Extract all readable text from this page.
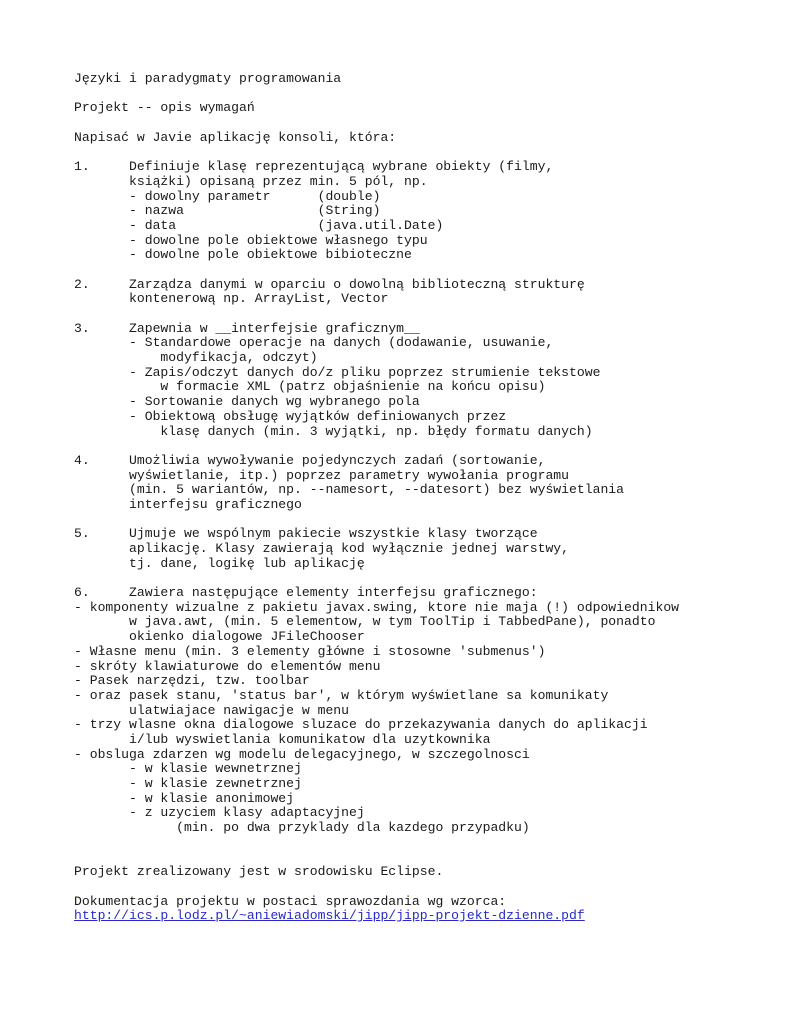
Języki i paradygmaty programowania
Projekt -- opis wymagań
Napisać w Javie aplikację konsoli, która:
1.     Definiuje klasę reprezentującą wybrane obiekty (filmy,
książki) opisaną przez min. 5 pól, np.
- dowolny parametr      (double)
- nazwa                 (String)
- data                  (java.util.Date)
- dowolne pole obiektowe własnego typu
- dowolne pole obiektowe bibioteczne
2.     Zarządza danymi w oparciu o dowolną biblioteczną strukturę
kontenerową np. ArrayList, Vector
3.     Zapewnia w __interfejsie graficznym__
- Standardowe operacje na danych (dodawanie, usuwanie,
modyfikacja, odczyt)
- Zapis/odczyt danych do/z pliku poprzez strumienie tekstowe
w formacie XML (patrz objaśnienie na końcu opisu)
- Sortowanie danych wg wybranego pola
- Obiektową obsługę wyjątków definiowanych przez
klasę danych (min. 3 wyjątki, np. błędy formatu danych)
4.     Umożliwia wywoływanie pojedynczych zadań (sortowanie,
wyświetlanie, itp.) poprzez parametry wywołania programu
(min. 5 wariantów, np. --namesort, --datesort) bez wyświetlania
interfejsu graficznego
5.     Ujmuje we wspólnym pakiecie wszystkie klasy tworzące
aplikację. Klasy zawierają kod wyłącznie jednej warstwy,
tj. dane, logikę lub aplikację
6.     Zawiera następujące elementy interfejsu graficznego:
- komponenty wizualne z pakietu javax.swing, ktore nie maja (!) odpowiednikow
w java.awt, (min. 5 elementow, w tym ToolTip i TabbedPane), ponadto
okienko dialogowe JFileChooser
- Własne menu (min. 3 elementy główne i stosowne 'submenus')
- skróty klawiaturowe do elementów menu
- Pasek narzędzi, tzw. toolbar
- oraz pasek stanu, 'status bar', w którym wyświetlane sa komunikaty
ulatwiajace nawigacje w menu
- trzy wlasne okna dialogowe sluzace do przekazywania danych do aplikacji
i/lub wyswietlania komunikatow dla uzytkownika
- obsluga zdarzen wg modelu delegacyjnego, w szczegolnosci
- w klasie wewnetrznej
- w klasie zewnetrznej
- w klasie anonimowej
- z uzyciem klasy adaptacyjnej
(min. po dwa przyklady dla kazdego przypadku)
Projekt zrealizowany jest w srodowisku Eclipse.
Dokumentacja projektu w postaci sprawozdania wg wzorca:
http://ics.p.lodz.pl/~aniewiadomski/jipp/jipp-projekt-dzienne.pdf
